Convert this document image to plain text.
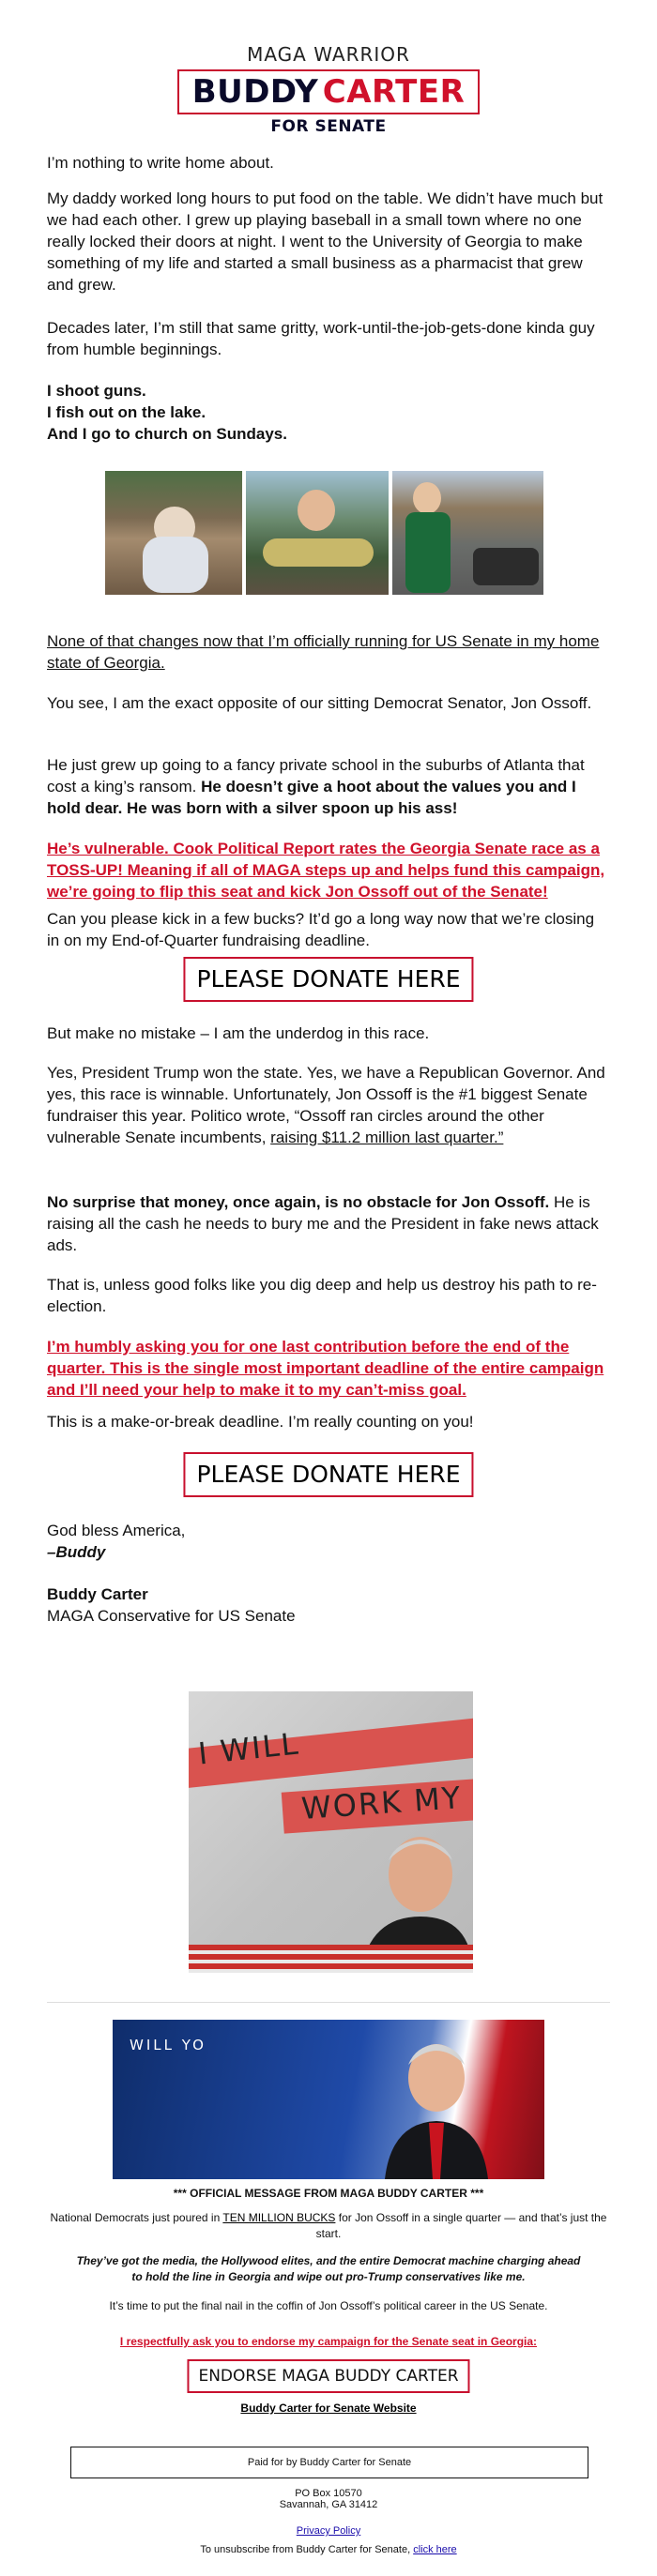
MAGA WARRIOR
BUDDY CARTER
FOR SENATE

I’m nothing to write home about.

My daddy worked long hours to put food on the table. We didn’t have much but we had each other. I grew up playing baseball in a small town where no one really locked their doors at night. I went to the University of Georgia to make something of my life and started a small business as a pharmacist that grew and grew.

Decades later, I’m still that same gritty, work-until-the-job-gets-done kinda guy from humble beginnings.

I shoot guns.

I fish out on the lake.

And I go to church on Sundays.

None of that changes now that I’m officially running for US Senate in my home state of Georgia.

You see, I am the exact opposite of our sitting Democrat Senator, Jon Ossoff.

He just grew up going to a fancy private school in the suburbs of Atlanta that cost a king’s ransom. He doesn’t give a hoot about the values you and I hold dear. He was born with a silver spoon up his ass!

He’s vulnerable. Cook Political Report rates the Georgia Senate race as a TOSS-UP! Meaning if all of MAGA steps up and helps fund this campaign, we’re going to flip this seat and kick Jon Ossoff out of the Senate!

Can you please kick in a few bucks? It’d go a long way now that we’re closing in on my End-of-Quarter fundraising deadline.

PLEASE DONATE HERE

But make no mistake – I am the underdog in this race.

Yes, President Trump won the state. Yes, we have a Republican Governor. And yes, this race is winnable. Unfortunately, Jon Ossoff is the #1 biggest Senate fundraiser this year. Politico wrote, “Ossoff ran circles around the other vulnerable Senate incumbents, raising $11.2 million last quarter.”

No surprise that money, once again, is no obstacle for Jon Ossoff. He is raising all the cash he needs to bury me and the President in fake news attack ads.

That is, unless good folks like you dig deep and help us destroy his path to re-election.

I’m humbly asking you for one last contribution before the end of the quarter. This is the single most important deadline of the entire campaign and I’ll need your help to make it to my can’t-miss goal.

This is a make-or-break deadline. I’m really counting on you!

PLEASE DONATE HERE

God bless America,

–Buddy

Buddy Carter

MAGA Conservative for US Senate

I WILL
WORK MY
WILL YO
*** OFFICIAL MESSAGE FROM MAGA BUDDY CARTER ***
National Democrats just poured in TEN MILLION BUCKS for Jon Ossoff in a single quarter — and that’s just the start.
They’ve got the media, the Hollywood elites, and the entire Democrat machine charging ahead to hold the line in Georgia and wipe out pro-Trump conservatives like me.
It’s time to put the final nail in the coffin of Jon Ossoff’s political career in the US Senate.
I respectfully ask you to endorse my campaign for the Senate seat in Georgia:
ENDORSE MAGA BUDDY CARTER
Buddy Carter for Senate Website
Paid for by Buddy Carter for Senate
PO Box 10570
Savannah, GA 31412
Privacy Policy
To unsubscribe from Buddy Carter for Senate, click here
